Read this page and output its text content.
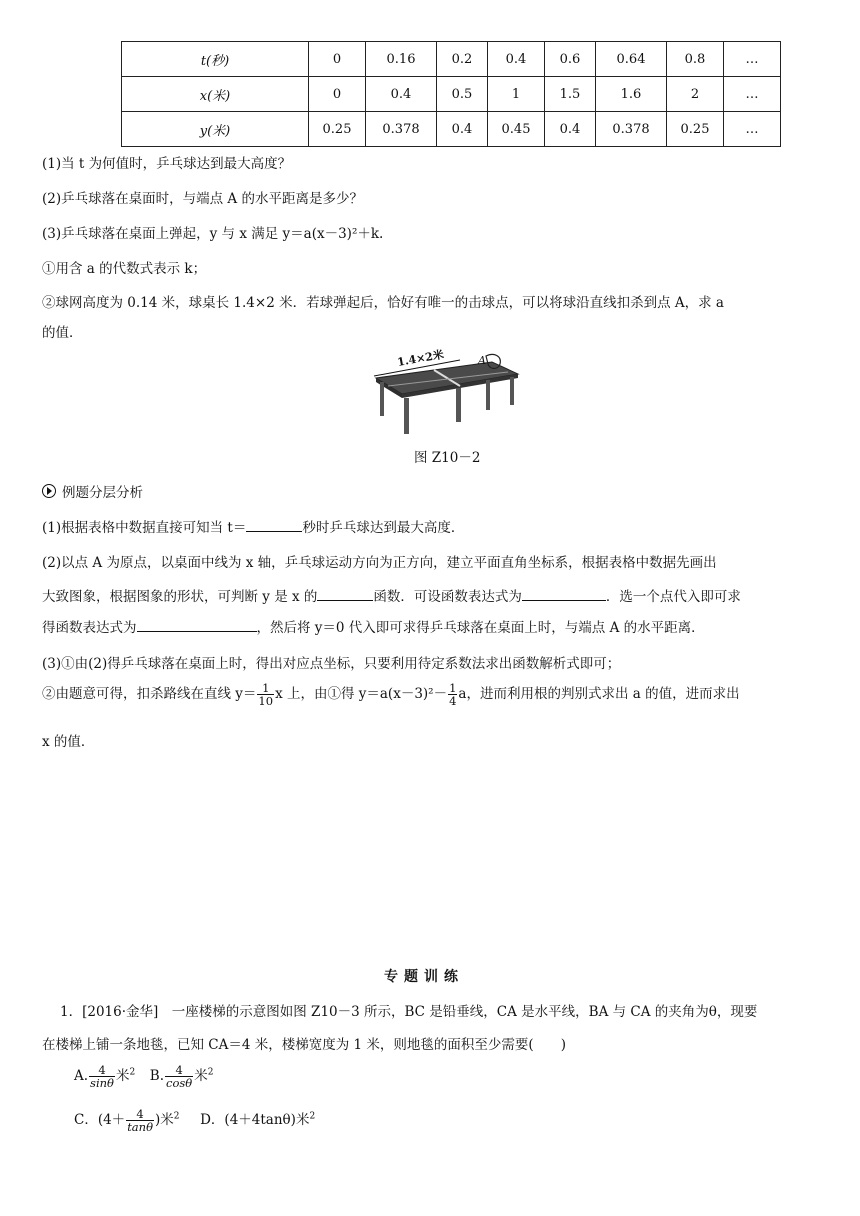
t(秒)	0	0.16	0.2	0.4	0.6	0.64	0.8	…
x(米)	0	0.4	0.5	1	1.5	1.6	2	…
y(米)	0.25	0.378	0.4	0.45	0.4	0.378	0.25	…
(1)当 t 为何值时，乒乓球达到最大高度？
(2)乒乓球落在桌面时，与端点 A 的水平距离是多少？
(3)乒乓球落在桌面上弹起，y 与 x 满足 y＝a(x－3)²＋k.
①用含 a 的代数式表示 k；
②球网高度为 0.14 米，球桌长 1.4×2 米．若球弹起后，恰好有唯一的击球点，可以将球沿直线扣杀到点 A，求 a
的值．
1.4×2米	A
图 Z10－2
例题分层分析
(1)根据表格中数据直接可知当 t＝	秒时乒乓球达到最大高度．
(2)以点 A 为原点，以桌面中线为 x 轴，乒乓球运动方向为正方向，建立平面直角坐标系，根据表格中数据先画出
大致图象，根据图象的形状，可判断 y 是 x 的	函数．可设函数表达式为	．选一个点代入即可求
得函数表达式为	，然后将 y＝0 代入即可求得乒乓球落在桌面上时，与端点 A 的水平距离．
(3)①由(2)得乒乓球落在桌面上时，得出对应点坐标，只要利用待定系数法求出函数解析式即可；
②由题意可得，扣杀路线在直线 $y= \frac{1}{10}$ x 上，由①得 $y=a(x-3)^2- \frac{1}{4}$ a，进而利用根的判别式求出 a 的值，进而求出
x 的值．
专题训练
1．[2016·金华]　一座楼梯的示意图如图 Z10－3 所示，BC 是铅垂线，CA 是水平线，BA 与 CA 的夹角为θ，现要
在楼梯上铺一条地毯，已知 CA＝4 米，楼梯宽度为 1 米，则地毯的面积至少需要(　　)
A. $\frac{4}{\sin\theta}$ 米$^2$ B. $\frac{4}{\cos\theta}$ 米$^2$
C．($4+ \frac{4}{\tan\theta}$ )米$^2$ D．(4＋4tanθ)米$^2$
